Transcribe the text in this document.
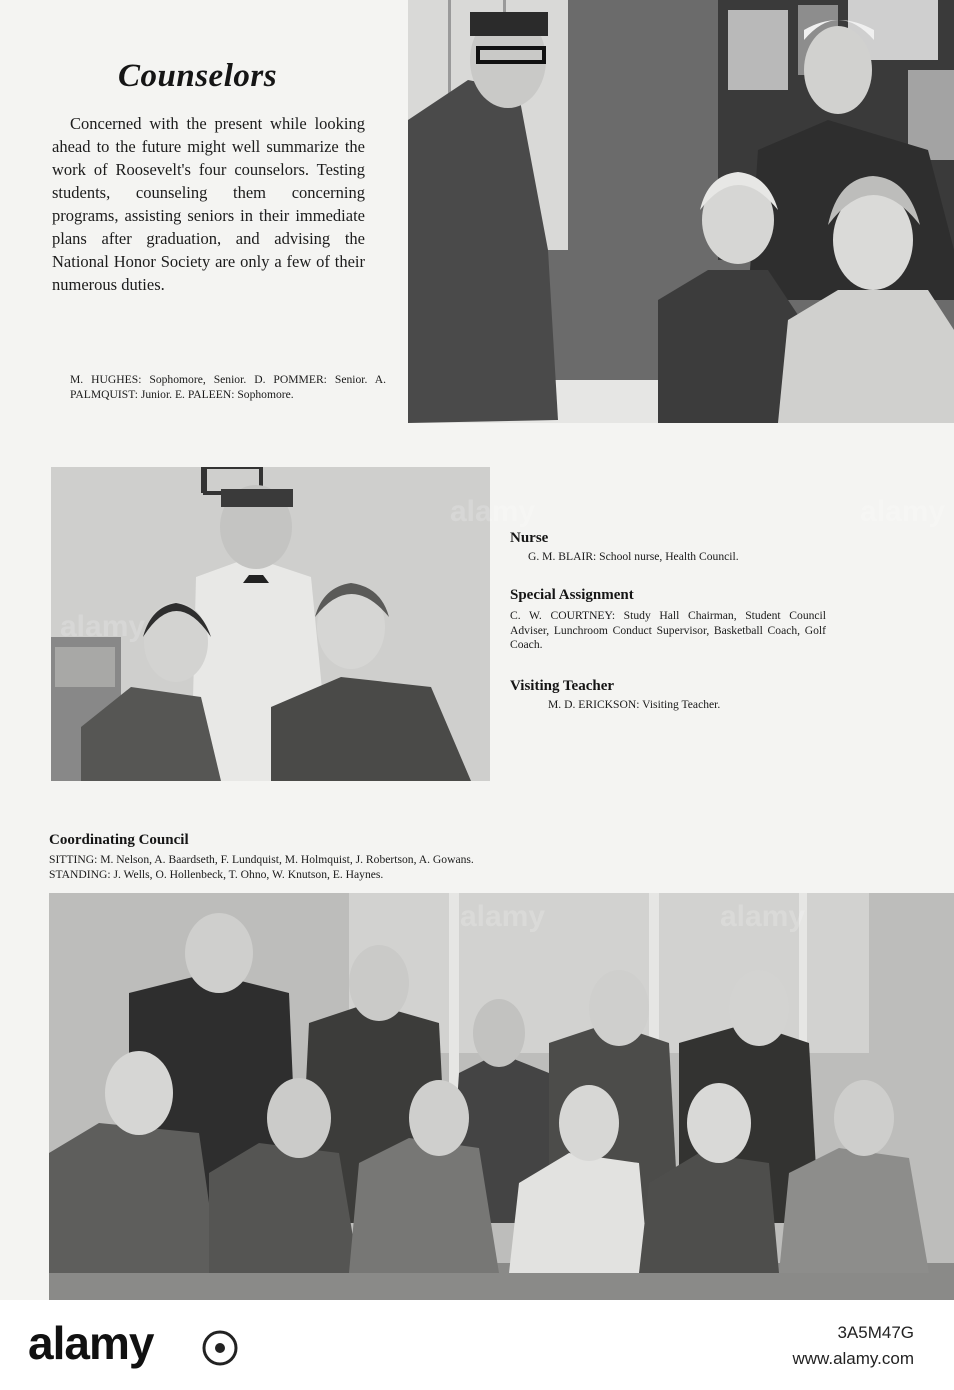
Counselors

Concerned with the present while looking ahead to the future might well summarize the work of Roosevelt's four counselors. Testing students, counseling them concerning programs, assisting seniors in their immediate plans after graduation, and advising the National Honor Society are only a few of their numerous duties.

M. HUGHES: Sophomore, Senior. D. POMMER: Senior. A. PALMQUIST: Junior. E. PALEEN: Sophomore.

Nurse

G. M. BLAIR: School nurse, Health Council.

Special Assignment

C. W. COURTNEY: Study Hall Chairman, Student Council Adviser, Lunchroom Conduct Supervisor, Basketball Coach, Golf Coach.

Visiting Teacher

M. D. ERICKSON: Visiting Teacher.

Coordinating Council

SITTING: M. Nelson, A. Baardseth, F. Lundquist, M. Holmquist, J. Robertson, A. Gowans.

STANDING: J. Wells, O. Hollenbeck, T. Ohno, W. Knutson, E. Haynes.

alamy	alamy
alamy	3A5M47G
www.alamy.com
